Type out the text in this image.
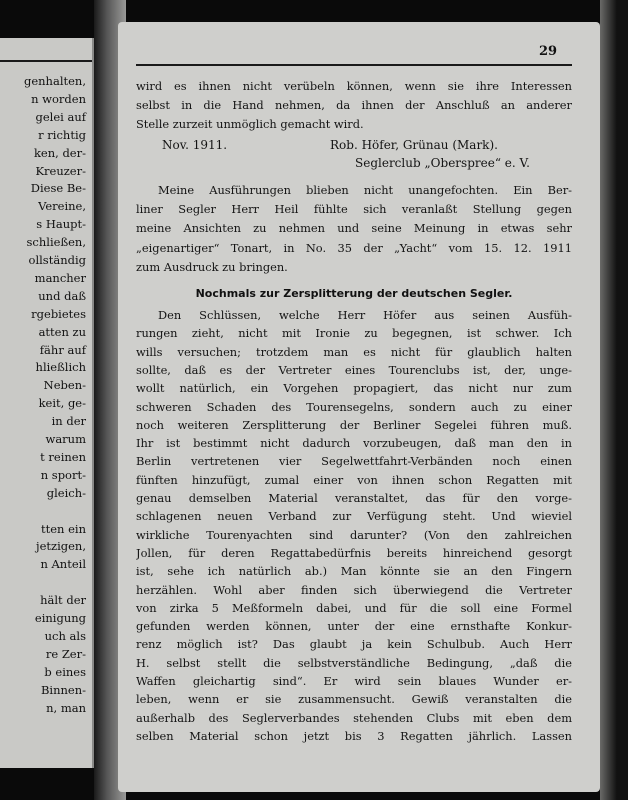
genhalten,
n worden
gelei auf
r richtig
ken, der-
Kreuzer-
Diese Be-
Vereine,
s Haupt-
schließen,
ollständig
mancher
und daß
rgebietes
atten zu
fähr auf
hließlich
Neben-
keit, ge-
in der
warum
t reinen
n sport-
gleich-
tten ein
jetzigen,
n Anteil
hält der
einigung
uch als
re Zer-
b eines
Binnen-
n, man
29
wird es ihnen nicht verübeln können, wenn sie ihre Interessen
selbst in die Hand nehmen, da ihnen der Anschluß an anderer
Stelle zurzeit unmöglich gemacht wird.
Nov. 1911.	Rob. Höfer, Grünau (Mark).
Seglerclub „Oberspree“ e. V.
Meine Ausführungen blieben nicht unangefochten. Ein Ber-
liner Segler Herr Heil fühlte sich veranlaßt Stellung gegen
meine Ansichten zu nehmen und seine Meinung in etwas sehr
„eigenartiger“ Tonart, in No. 35 der „Yacht“ vom 15. 12. 1911
zum Ausdruck zu bringen.
Nochmals zur Zersplitterung der deutschen Segler.
Den Schlüssen, welche Herr Höfer aus seinen Ausfüh-
rungen zieht, nicht mit Ironie zu begegnen, ist schwer. Ich
wills versuchen; trotzdem man es nicht für glaublich halten
sollte, daß es der Vertreter eines Tourenclubs ist, der, unge-
wollt natürlich, ein Vorgehen propagiert, das nicht nur zum
schweren Schaden des Tourensegelns, sondern auch zu einer
noch weiteren Zersplitterung der Berliner Segelei führen muß.
Ihr ist bestimmt nicht dadurch vorzubeugen, daß man den in
Berlin vertretenen vier Segelwettfahrt-Verbänden noch einen
fünften hinzufügt, zumal einer von ihnen schon Regatten mit
genau demselben Material veranstaltet, das für den vorge-
schlagenen neuen Verband zur Verfügung steht. Und wieviel
wirkliche Tourenyachten sind darunter? (Von den zahlreichen
Jollen, für deren Regattabedürfnis bereits hinreichend gesorgt
ist, sehe ich natürlich ab.) Man könnte sie an den Fingern
herzählen. Wohl aber finden sich überwiegend die Vertreter
von zirka 5 Meßformeln dabei, und für die soll eine Formel
gefunden werden können, unter der eine ernsthafte Konkur-
renz möglich ist? Das glaubt ja kein Schulbub. Auch Herr
H. selbst stellt die selbstverständliche Bedingung, „daß die
Waffen gleichartig sind“. Er wird sein blaues Wunder er-
leben, wenn er sie zusammensucht. Gewiß veranstalten die
außerhalb des Seglerverbandes stehenden Clubs mit eben dem
selben Material schon jetzt bis 3 Regatten jährlich. Lassen
